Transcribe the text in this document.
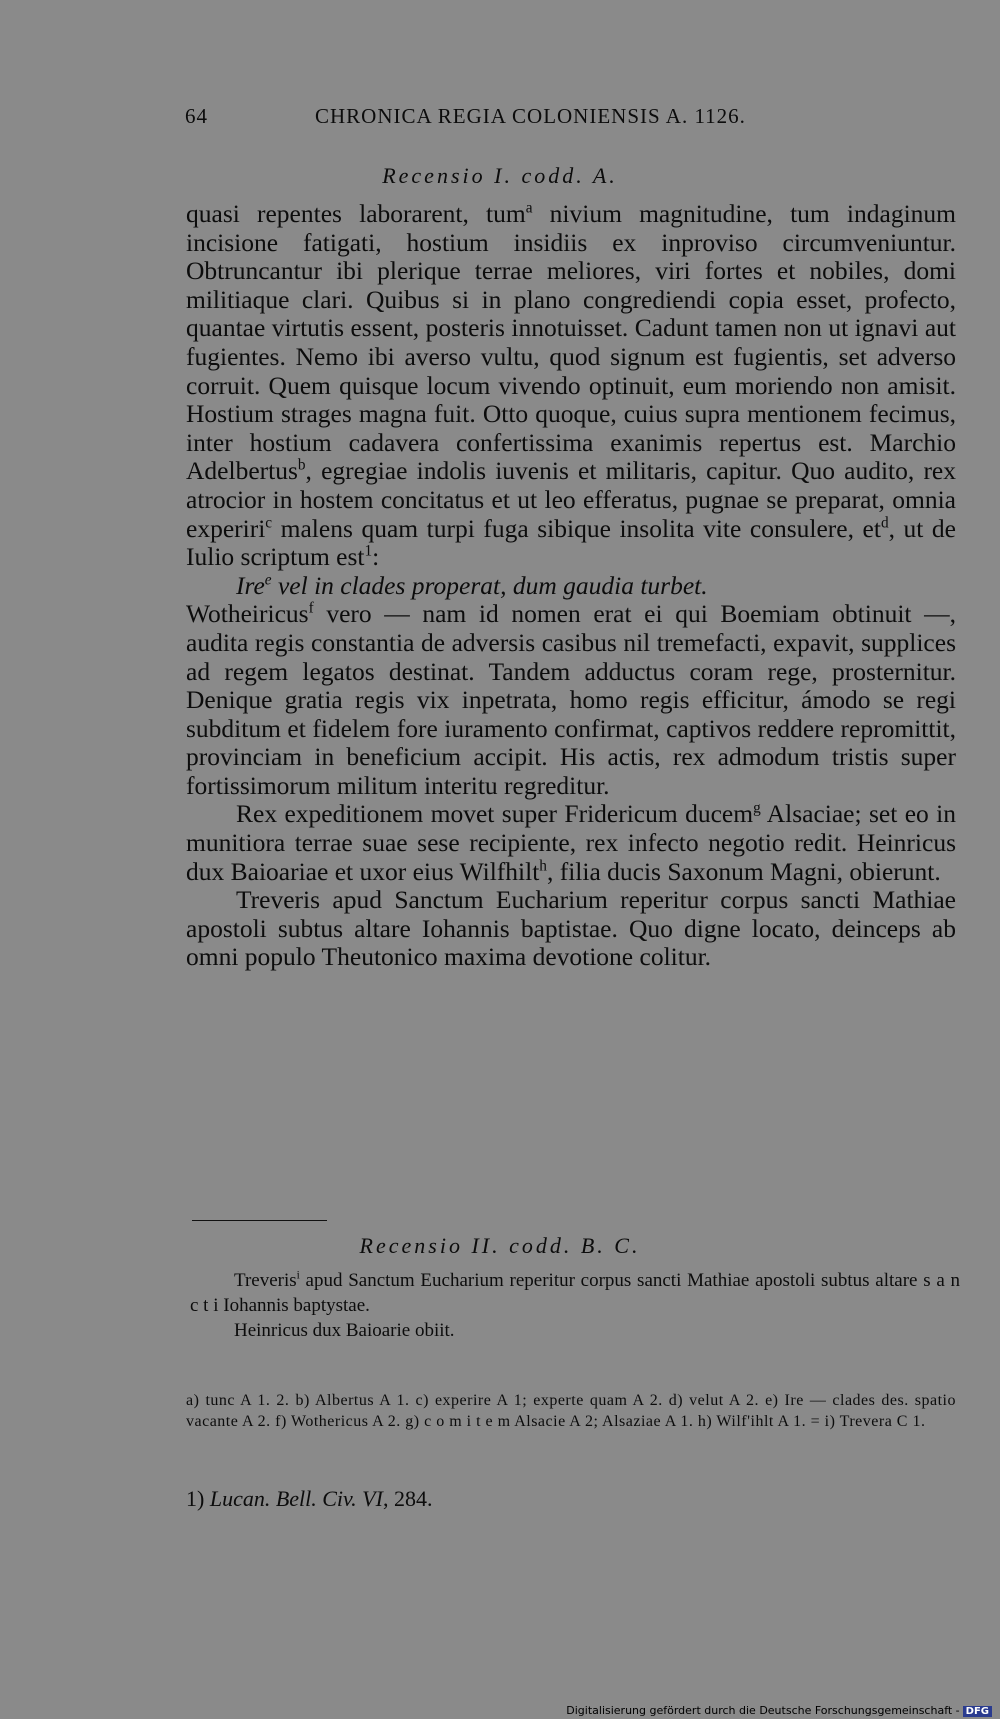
64	CHRONICA REGIA COLONIENSIS A. 1126.
Recensio I. codd. A.

quasi repentes laborarent, tum$^a$ nivium magnitudine, tum indaginum incisione fatigati, hostium insidiis ex inproviso circumveniuntur. Obtruncantur ibi plerique terrae meliores, viri fortes et nobiles, domi militiaque clari. Quibus si in plano congrediendi copia esset, profecto, quantae virtutis essent, posteris innotuisset. Cadunt tamen non ut ignavi aut fugientes. Nemo ibi averso vultu, quod signum est fugientis, set adverso corruit. Quem quisque locum vivendo optinuit, eum moriendo non amisit. Hostium strages magna fuit. Otto quoque, cuius supra mentionem fecimus, inter hostium cadavera confertissima exanimis repertus est. Marchio Adelbertus$^b$, egregiae indolis iuvenis et militaris, capitur. Quo audito, rex atrocior in hostem concitatus et ut leo efferatus, pugnae se preparat, omnia experiri$^c$ malens quam turpi fuga sibique insolita vite consulere, $et^d$, ut de Iulio scriptum est$^1$:

Ire$^e$ vel in clades properat, dum gaudia turbet.

Wotheiricus$^f$ vero — nam id nomen erat ei qui Boemiam obtinuit —, audita regis constantia de adversis casibus nil tremefacti, expavit, supplices ad regem legatos destinat. Tandem adductus coram rege, prosternitur. Denique gratia regis vix inpetrata, homo regis efficitur, ámodo se regi subditum et fidelem fore iuramento confirmat, captivos reddere repromittit, provinciam in beneficium accipit. His actis, rex admodum tristis super fortissimorum militum interitu regreditur.

Rex expeditionem movet super Fridericum ducem$^g$ Alsaciae; set eo in munitiora terrae suae sese recipiente, rex infecto negotio redit. Heinricus dux Baioariae et uxor eius Wilfhilt$^h$, filia ducis Saxonum Magni, obierunt.

Treveris apud Sanctum Eucharium reperitur corpus sancti Mathiae apostoli subtus altare Iohannis baptistae. Quo digne locato, deinceps ab omni populo Theutonico maxima devotione colitur.

Recensio II. codd. B. C.

Treveris$^i$ apud Sanctum Eucharium reperitur corpus sancti Mathiae apostoli subtus altare s a n c t i Iohannis baptystae.

Heinricus dux Baioarie obiit.

a) tunc A 1. 2. b) Albertus A 1. c) experire A 1; experte quam A 2. d) velut A 2. e) Ire — clades des. spatio vacante A 2. f) Wothericus A 2. g) c o m i t e m Alsacie A 2; Alsaziae A 1. h) Wilf'ihlt A 1. = i) Trevera C 1.
1) Lucan. Bell. Civ. VI, 284.
Digitalisierung gefördert durch die Deutsche Forschungsgemeinschaft - DFG
